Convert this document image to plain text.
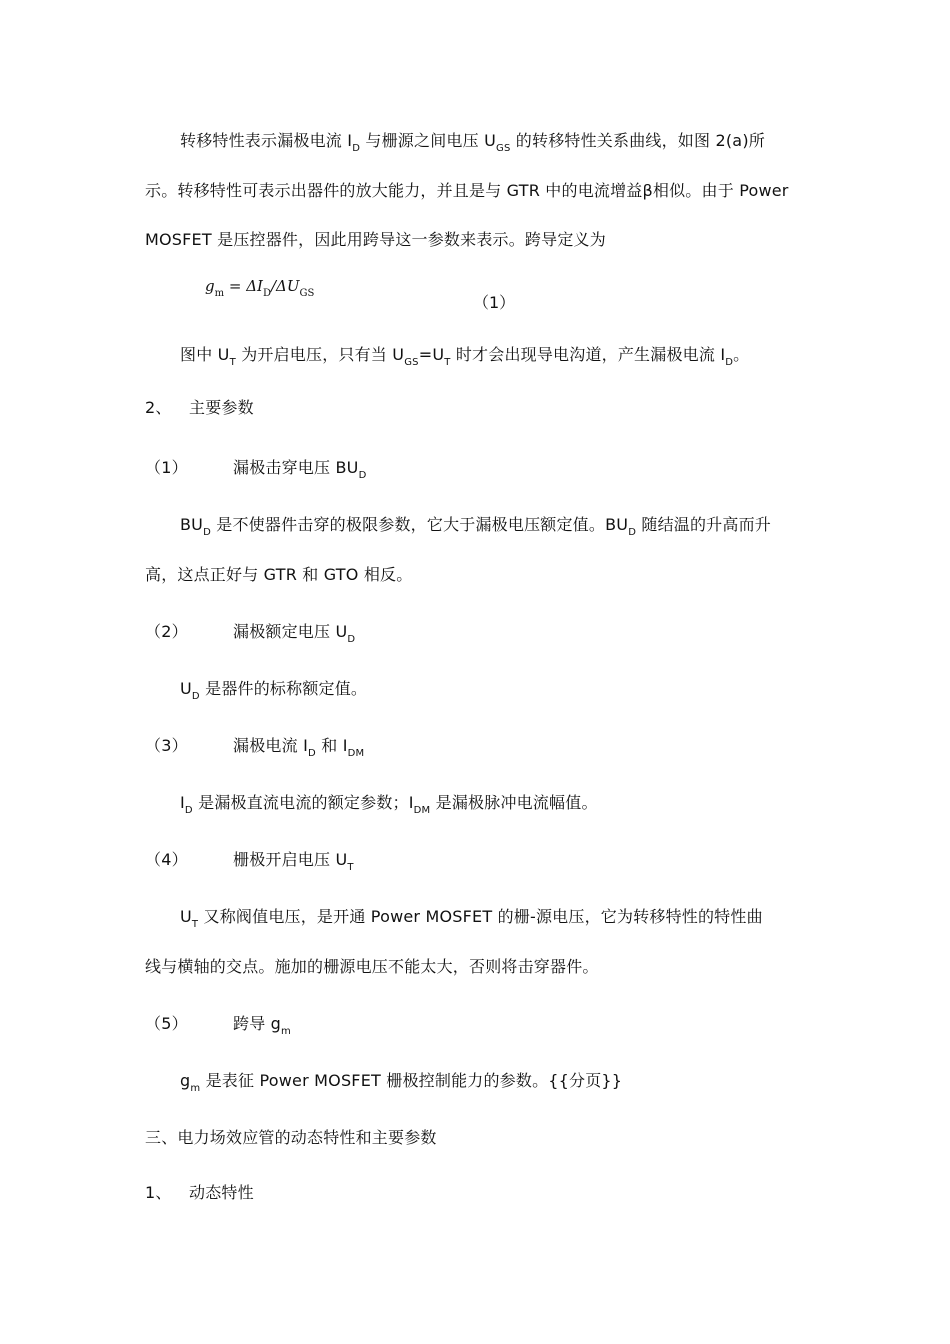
转移特性表示漏极电流 $I_D$ 与栅源之间电压 $U_{GS}$ 的转移特性关系曲线，如图 2(a)所
示。转移特性可表示出器件的放大能力，并且是与 GTR 中的电流增益β相似。由于 Power
MOSFET 是压控器件，因此用跨导这一参数来表示。跨导定义为
$g_m = \Delta I_D/\Delta U_{GS}$	（1）
图中 $U_T$ 为开启电压，只有当 $U_{GS}=U_T$ 时才会出现导电沟道，产生漏极电流 $I_D$。
2、 主要参数
（1）	漏极击穿电压 $BU_D$
$BU_D$ 是不使器件击穿的极限参数，它大于漏极电压额定值。$BU_D$ 随结温的升高而升
高，这点正好与 GTR 和 GTO 相反。
（2）	漏极额定电压 $U_D$
$U_D$ 是器件的标称额定值。
（3）	漏极电流 $I_D$ 和 $I_{DM}$
$I_D$ 是漏极直流电流的额定参数；$I_{DM}$ 是漏极脉冲电流幅值。
（4）	栅极开启电压 $U_T$
$U_T$ 又称阀值电压，是开通 Power MOSFET 的栅-源电压，它为转移特性的特性曲
线与横轴的交点。施加的栅源电压不能太大，否则将击穿器件。
（5）	跨导 $g_m$
$g_m$ 是表征 Power MOSFET 栅极控制能力的参数。{{分页}}
三、电力场效应管的动态特性和主要参数
1、 动态特性
